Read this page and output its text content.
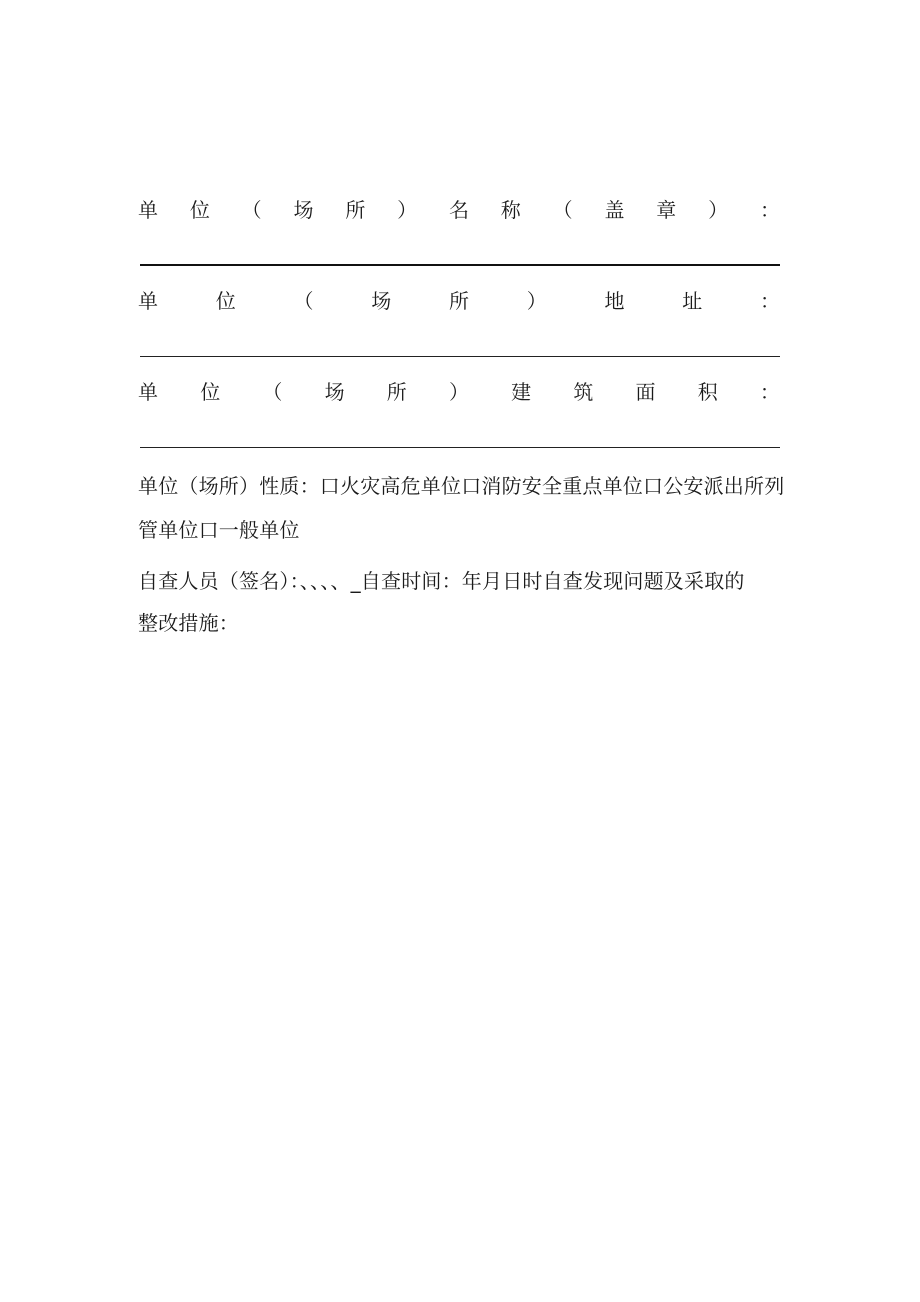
单 位 （ 场 所 ） 名 称 （ 盖 章 ） ：
单	位	（	场	所	）	地	址	：
单 位 （ 场 所 ） 建 筑 面 积 ：
单位（场所）性质：口火灾高危单位口消防安全重点单位口公安派出所列
管单位口一般单位
自查人员（签名）：、、、、_自查时间：年月日时自查发现问题及采取的
整改措施：
